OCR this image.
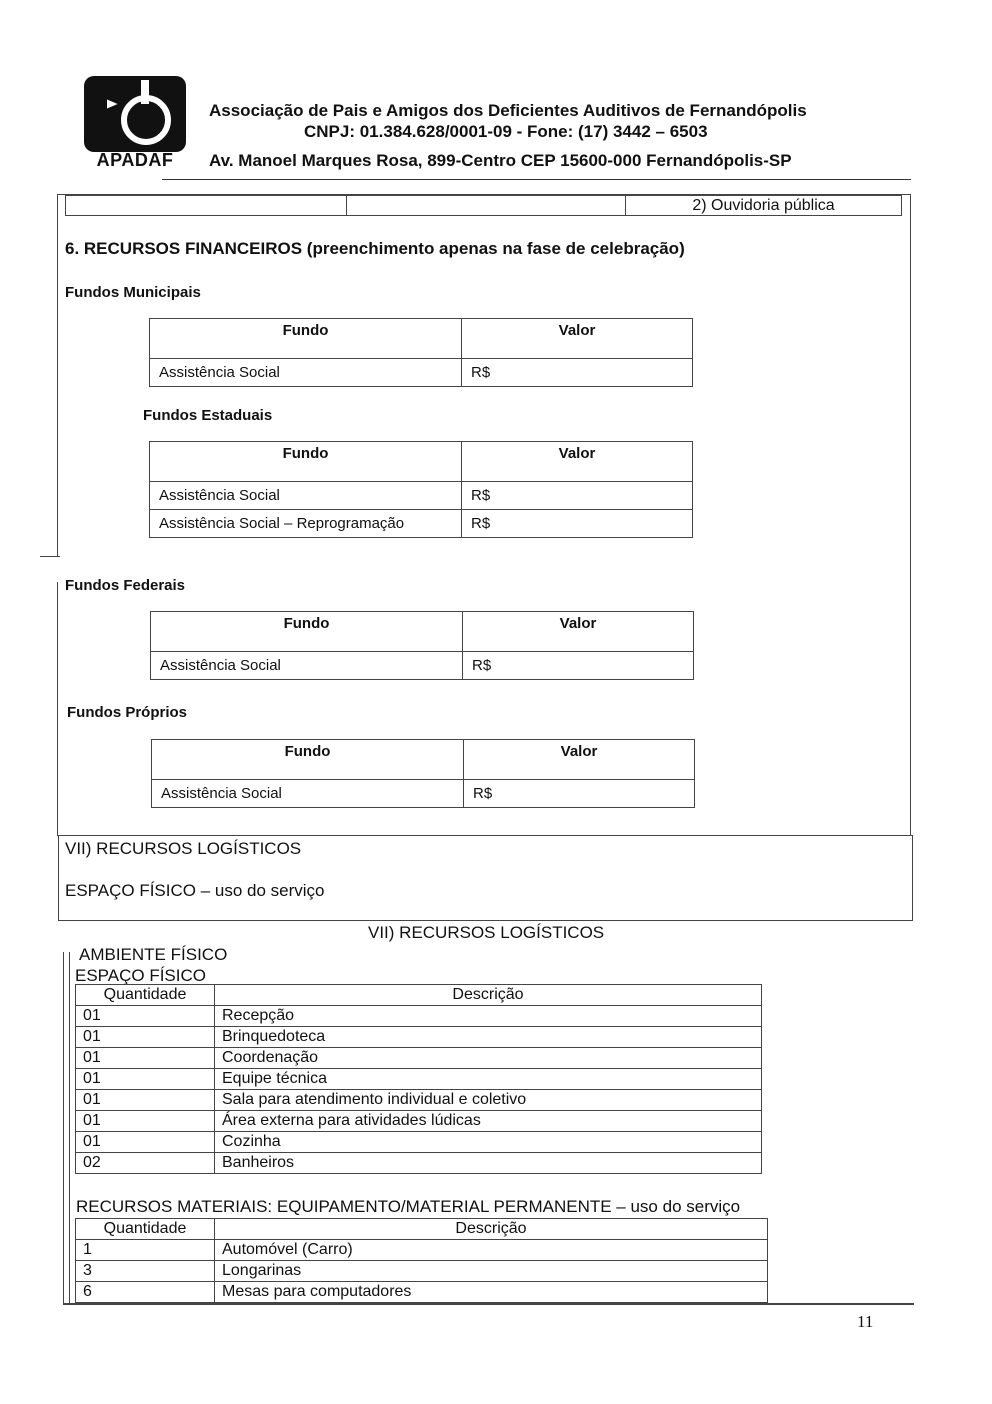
APADAF
Associação de Pais e Amigos dos Deficientes Auditivos de Fernandópolis
CNPJ: 01.384.628/0001-09 - Fone: (17) 3442 – 6503
Av. Manoel Marques Rosa, 899-Centro CEP 15600-000 Fernandópolis-SP
		2) Ouvidoria pública
6. RECURSOS FINANCEIROS (preenchimento apenas na fase de celebração)
Fundos Municipais
Fundo	Valor
Assistência Social	R$
Fundos Estaduais
Fundo	Valor
Assistência Social	R$
Assistência Social – Reprogramação	R$
Fundos Federais
Fundo	Valor
Assistência Social	R$
Fundos Próprios
Fundo	Valor
Assistência Social	R$
VII) RECURSOS LOGÍSTICOS
ESPAÇO FÍSICO – uso do serviço
VII) RECURSOS LOGÍSTICOS
AMBIENTE FÍSICO
ESPAÇO FÍSICO
Quantidade	Descrição
01	Recepção
01	Brinquedoteca
01	Coordenação
01	Equipe técnica
01	Sala para atendimento individual e coletivo
01	Área externa para atividades lúdicas
01	Cozinha
02	Banheiros
RECURSOS MATERIAIS: EQUIPAMENTO/MATERIAL PERMANENTE – uso do serviço
Quantidade	Descrição
1	Automóvel (Carro)
3	Longarinas
6	Mesas para computadores
11
